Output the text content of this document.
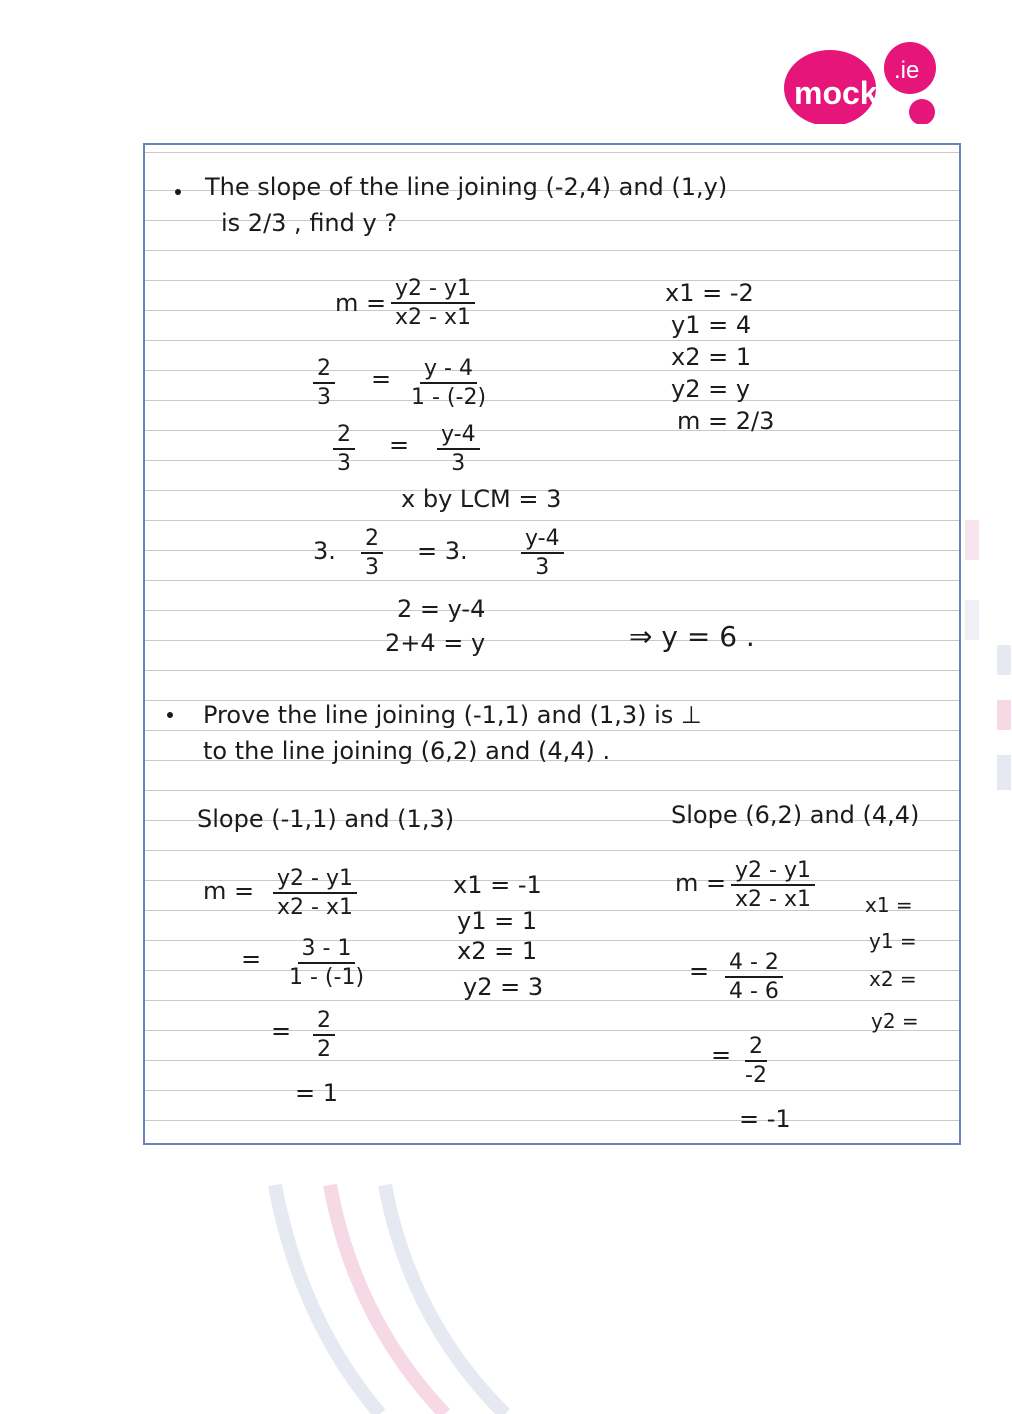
mocks
.ie
The slope of the line joining (-2,4) and (1,y)
is 2/3 , find y ?
$m = \frac{y2 - y1}{x2 - x1}$
$\frac{2}{3} = \frac{y - 4}{1 - (-2)}$
$\frac{2}{3} = \frac{y-4}{3}$
x by LCM = 3
3. $\frac{2}{3} = 3$. $\frac{y-4}{3}$
2 = y-4
2+4 = y	⇒ y = 6 .
x1 = -2
y1 = 4
x2 = 1
y2 = y
m = 2/3
Prove the line joining (-1,1) and (1,3) is ⊥
to the line joining (6,2) and (4,4) .
Slope (-1,1) and (1,3)
$m = \frac{y2 - y1}{x2 - x1}$
= $\frac{3 - 1}{1 - (-1)}$
= $\frac{2}{2}$
= 1
x1 = -1
y1 = 1
x2 = 1
y2 = 3
Slope (6,2) and (4,4)
$m = \frac{y2 - y1}{x2 - x1}$
= $\frac{4 - 2}{4 - 6}$
= $\frac{2}{-2}$
= -1
x1 =
y1 =
x2 =
y2 =
